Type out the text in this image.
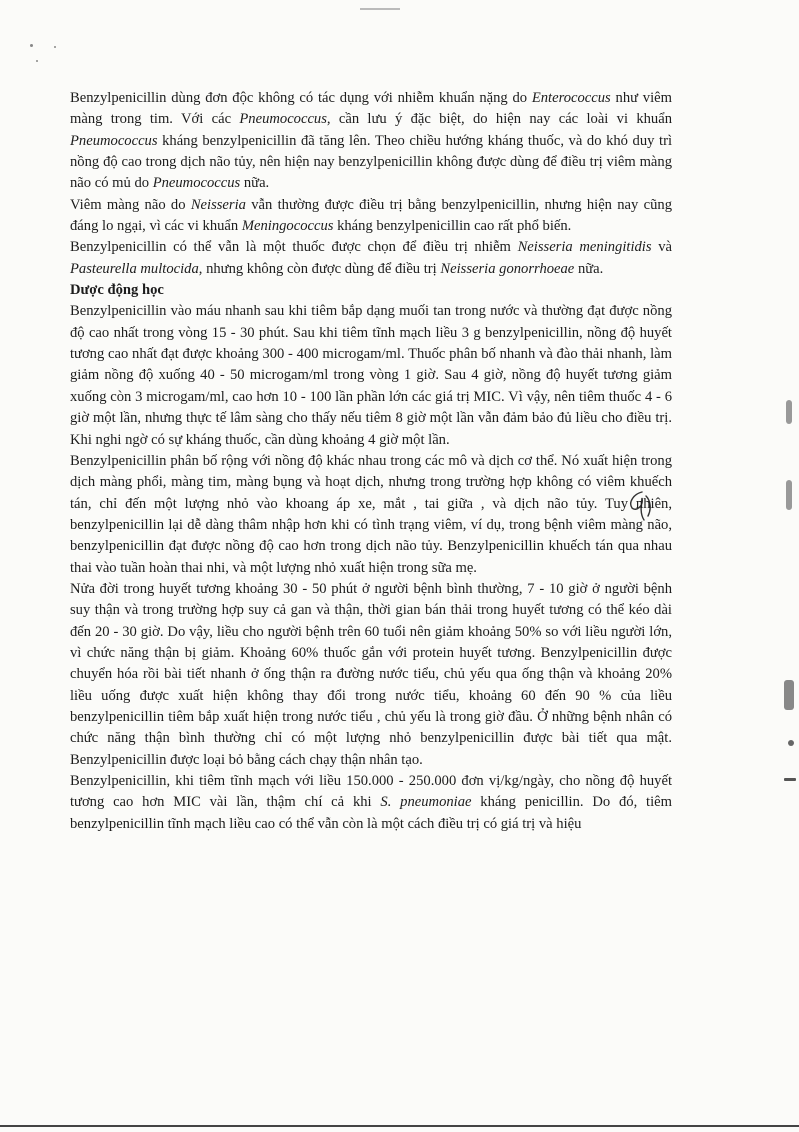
Benzylpenicillin dùng đơn độc không có tác dụng với nhiễm khuẩn nặng do Enterococcus như viêm màng trong tim. Với các Pneumococcus, cần lưu ý đặc biệt, do hiện nay các loài vi khuẩn Pneumococcus kháng benzylpenicillin đã tăng lên. Theo chiều hướng kháng thuốc, và do khó duy trì nồng độ cao trong dịch não tủy, nên hiện nay benzylpenicillin không được dùng để điều trị viêm màng não có mủ do Pneumococcus nữa.

Viêm màng não do Neisseria vẫn thường được điều trị bằng benzylpenicillin, nhưng hiện nay cũng đáng lo ngại, vì các vi khuẩn Meningococcus kháng benzylpenicillin cao rất phổ biến.

Benzylpenicillin có thể vẫn là một thuốc được chọn để điều trị nhiễm Neisseria meningitidis và Pasteurella multocida, nhưng không còn được dùng để điều trị Neisseria gonorrhoeae nữa.

Dược động học

Benzylpenicillin vào máu nhanh sau khi tiêm bắp dạng muối tan trong nước và thường đạt được nồng độ cao nhất trong vòng 15 - 30 phút. Sau khi tiêm tĩnh mạch liều 3 g benzylpenicillin, nồng độ huyết tương cao nhất đạt được khoảng 300 - 400 microgam/ml. Thuốc phân bố nhanh và đào thải nhanh, làm giảm nồng độ xuống 40 - 50 microgam/ml trong vòng 1 giờ. Sau 4 giờ, nồng độ huyết tương giảm xuống còn 3 microgam/ml, cao hơn 10 - 100 lần phần lớn các giá trị MIC. Vì vậy, nên tiêm thuốc 4 - 6 giờ một lần, nhưng thực tế lâm sàng cho thấy nếu tiêm 8 giờ một lần vẫn đảm bảo đủ liều cho điều trị. Khi nghi ngờ có sự kháng thuốc, cần dùng khoảng 4 giờ một lần.

Benzylpenicillin phân bố rộng với nồng độ khác nhau trong các mô và dịch cơ thể. Nó xuất hiện trong dịch màng phổi, màng tim, màng bụng và hoạt dịch, nhưng trong trường hợp không có viêm khuếch tán, chỉ đến một lượng nhỏ vào khoang áp xe, mắt , tai giữa , và dịch não tủy. Tuy nhiên, benzylpenicillin lại dễ dàng thâm nhập hơn khi có tình trạng viêm, ví dụ, trong bệnh viêm màng não, benzylpenicillin đạt được nồng độ cao hơn trong dịch não tủy. Benzylpenicillin khuếch tán qua nhau thai vào tuần hoàn thai nhi, và một lượng nhỏ xuất hiện trong sữa mẹ.

Nửa đời trong huyết tương khoảng 30 - 50 phút ở người bệnh bình thường, 7 - 10 giờ ở người bệnh suy thận và trong trường hợp suy cả gan và thận, thời gian bán thải trong huyết tương có thể kéo dài đến 20 - 30 giờ. Do vậy, liều cho người bệnh trên 60 tuổi nên giảm khoảng 50% so với liều người lớn, vì chức năng thận bị giảm. Khoảng 60% thuốc gắn với protein huyết tương. Benzylpenicillin được chuyển hóa rồi bài tiết nhanh ở ống thận ra đường nước tiểu, chủ yếu qua ống thận và khoảng 20% liều uống được xuất hiện không thay đổi trong nước tiểu, khoảng 60 đến 90 % của liều benzylpenicillin tiêm bắp xuất hiện trong nước tiểu , chủ yếu là trong giờ đầu. Ở những bệnh nhân có chức năng thận bình thường chỉ có một lượng nhỏ benzylpenicillin được bài tiết qua mật. Benzylpenicillin được loại bỏ bằng cách chạy thận nhân tạo.

Benzylpenicillin, khi tiêm tĩnh mạch với liều 150.000 - 250.000 đơn vị/kg/ngày, cho nồng độ huyết tương cao hơn MIC vài lần, thậm chí cả khi S. pneumoniae kháng penicillin. Do đó, tiêm benzylpenicillin tĩnh mạch liều cao có thể vẫn còn là một cách điều trị có giá trị và hiệu
